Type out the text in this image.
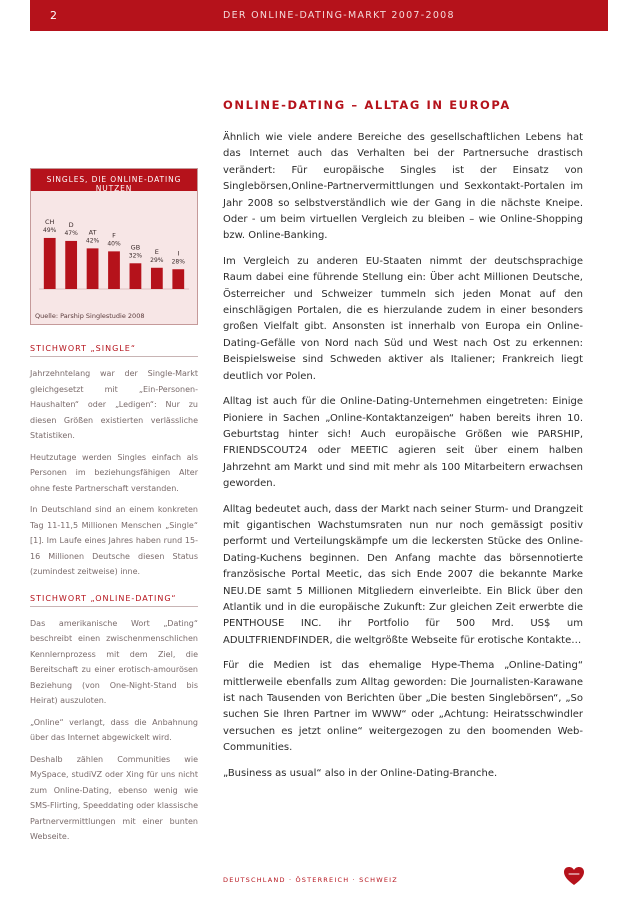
2	DER ONLINE-DATING-MARKT 2007-2008
ONLINE-DATING – ALLTAG IN EUROPA

Ähnlich wie viele andere Bereiche des gesellschaftlichen Lebens hat das Internet auch das Verhalten bei der Partnersuche drastisch verändert: Für europäische Singles ist der Einsatz von Singlebörsen,Online-Partnervermittlungen und Sexkontakt-Portalen im Jahr 2008 so selbstverständlich wie der Gang in die nächste Kneipe. Oder - um beim virtuellen Vergleich zu bleiben – wie Online-Shopping bzw. Online-Banking.

Im Vergleich zu anderen EU-Staaten nimmt der deutschsprachige Raum dabei eine führende Stellung ein: Über acht Millionen Deutsche, Österreicher und Schweizer tummeln sich jeden Monat auf den einschlägigen Portalen, die es hierzulande zudem in einer besonders großen Vielfalt gibt. Ansonsten ist innerhalb von Europa ein Online-Dating-Gefälle von Nord nach Süd und West nach Ost zu erkennen: Beispielsweise sind Schweden aktiver als Italiener; Frankreich liegt deutlich vor Polen.

Alltag ist auch für die Online-Dating-Unternehmen eingetreten: Einige Pioniere in Sachen „Online-Kontaktanzeigen“ haben bereits ihren 10. Geburtstag hinter sich! Auch europäische Größen wie PARSHIP, FRIENDSCOUT24 oder MEETIC agieren seit über einem halben Jahrzehnt am Markt und sind mit mehr als 100 Mitarbeitern erwachsen geworden.

Alltag bedeutet auch, dass der Markt nach seiner Sturm- und Drangzeit mit gigantischen Wachstumsraten nun nur noch gemässigt positiv performt und Verteilungskämpfe um die leckersten Stücke des Online-Dating-Kuchens beginnen. Den Anfang machte das börsennotierte französische Portal Meetic, das sich Ende 2007 die bekannte Marke NEU.DE samt 5 Millionen Mitgliedern einverleibte. Ein Blick über den Atlantik und in die europäische Zukunft: Zur gleichen Zeit erwerbte die PENTHOUSE INC. ihr Portfolio für 500 Mrd. US$ um ADULTFRIENDFINDER, die weltgrößte Webseite für erotische Kontakte…

Für die Medien ist das ehemalige Hype-Thema „Online-Dating“ mittlerweile ebenfalls zum Alltag geworden: Die Journalisten-Karawane ist nach Tausenden von Berichten über „Die besten Singlebörsen“, „So suchen Sie Ihren Partner im WWW“ oder „Achtung: Heiratsschwindler versuchen es jetzt online“ weitergezogen zu den boomenden Web-Communities.

„Business as usual“ also in der Online-Dating-Branche.

SINGLES, DIE ONLINE-DATING NUTZEN
CH
49%
D
47% AT
42%
F
40% GB
32%
E
29%
I
28%
Quelle: Parship Singlestudie 2008
STICHWORT „SINGLE“

Jahrzehntelang war der Single-Markt gleichgesetzt mit „Ein-Personen-Haushalten“ oder „Ledigen“: Nur zu diesen Größen existierten verlässliche Statistiken.

Heutzutage werden Singles einfach als Personen im beziehungsfähigen Alter ohne feste Partnerschaft verstanden.

In Deutschland sind an einem konkreten Tag 11-11,5 Millionen Menschen „Single“ [1]. Im Laufe eines Jahres haben rund 15-16 Millionen Deutsche diesen Status (zumindest zeitweise) inne.

STICHWORT „ONLINE-DATING“

Das amerikanische Wort „Dating“ beschreibt einen zwischenmenschlichen Kennlernprozess mit dem Ziel, die Bereitschaft zu einer erotisch-amourösen Beziehung (von One-Night-Stand bis Heirat) auszuloten.

„Online“ verlangt, dass die Anbahnung über das Internet abgewickelt wird.

Deshalb zählen Communities wie MySpace, studiVZ oder Xing für uns nicht zum Online-Dating, ebenso wenig wie SMS-Flirting, Speeddating oder klassische Partnervermittlungen mit einer bunten Webseite.

DEUTSCHLAND · ÖSTERREICH · SCHWEIZ
